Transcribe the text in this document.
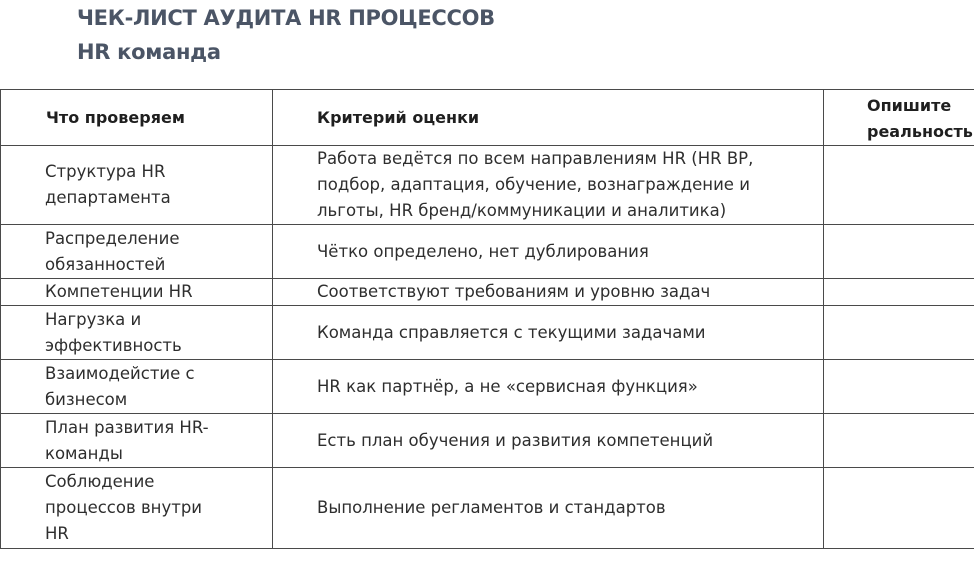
ЧЕК-ЛИСТ АУДИТА HR ПРОЦЕССОВ
HR команда
Что проверяем	Критерий оценки	Опишите реальность

Структура HR департамента	Работа ведётся по всем направлениям HR (HR BP, подбор, адаптация, обучение, вознаграждение и льготы, HR бренд/коммуникации и аналитика)	

Распределение обязанностей	Чётко определено, нет дублирования	

Компетенции HR	Соответствуют требованиям и уровню задач	

Нагрузка и эффективность	Команда справляется с текущими задачами	

Взаимодейстие с бизнесом	HR как партнёр, а не «сервисная функция»	

План развития HR-команды	Есть план обучения и развития компетенций	

Соблюдение процессов внутри HR	Выполнение регламентов и стандартов	
